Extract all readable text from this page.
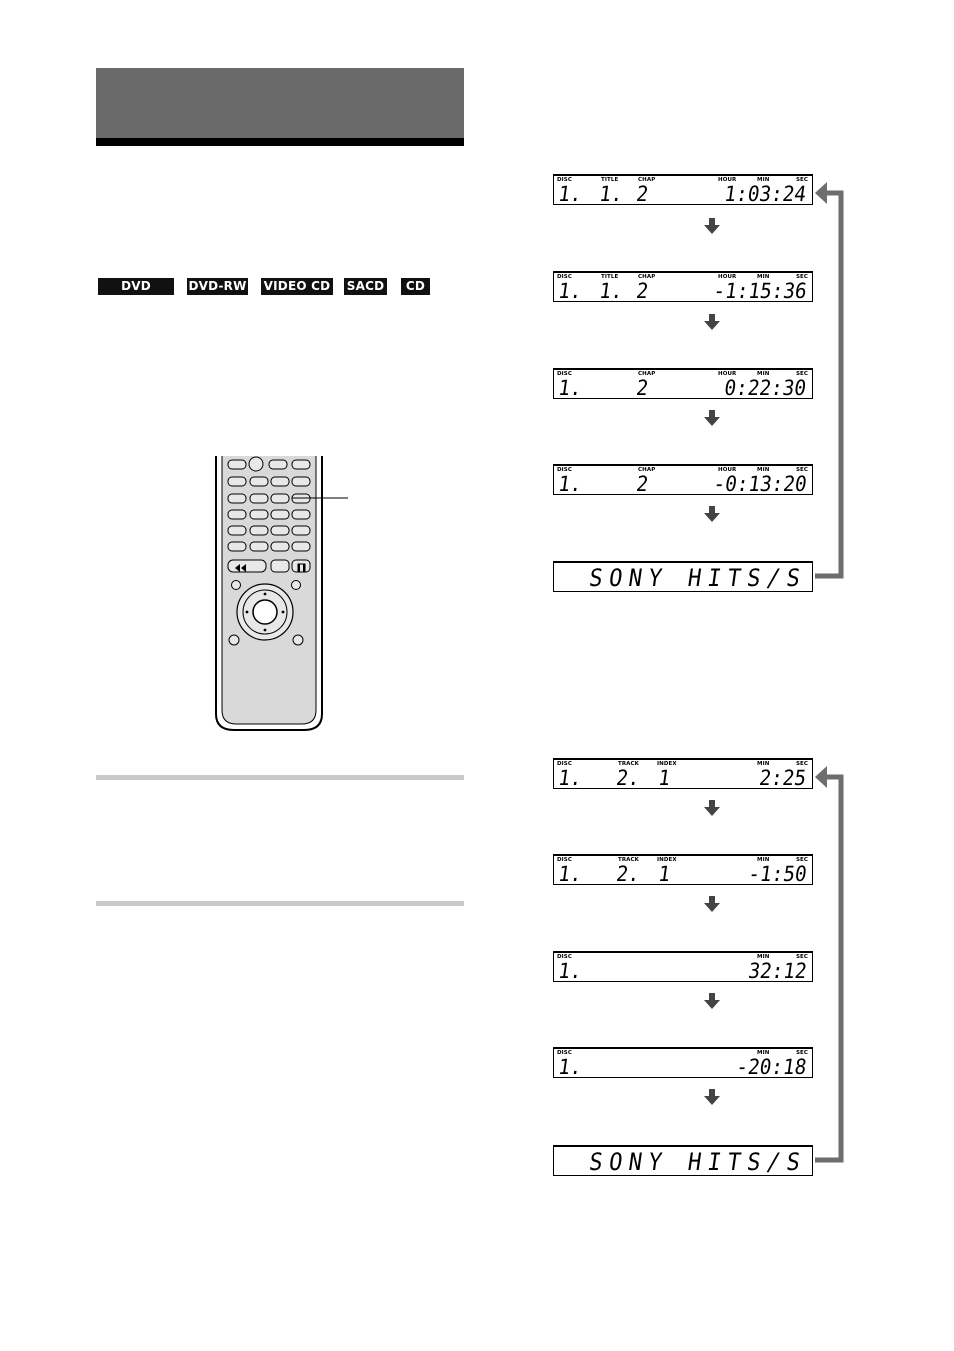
DVD VIDEO
DVD-RW VIDEO CD SACD	CD
DISC	TITLE	CHAP	HOUR	MIN	SEC
1. 1. 2	1:03:24
DISC	TITLE	CHAP	HOUR	MIN	SEC
1. 1. 2	-1:15:36
DISC	CHAP	HOUR	MIN	SEC
1. 2	0:22:30
DISC	CHAP	HOUR	MIN	SEC
1. 2	-0:13:20
SONY HITS/S
DISC	TRACK	INDEX	MIN	SEC
1. 2. 1	2:25
DISC	TRACK	INDEX	MIN	SEC
1. 2. 1	-1:50
DISC	MIN	SEC
1.	32:12
DISC	MIN	SEC
1.	-20:18
SONY HITS/S
